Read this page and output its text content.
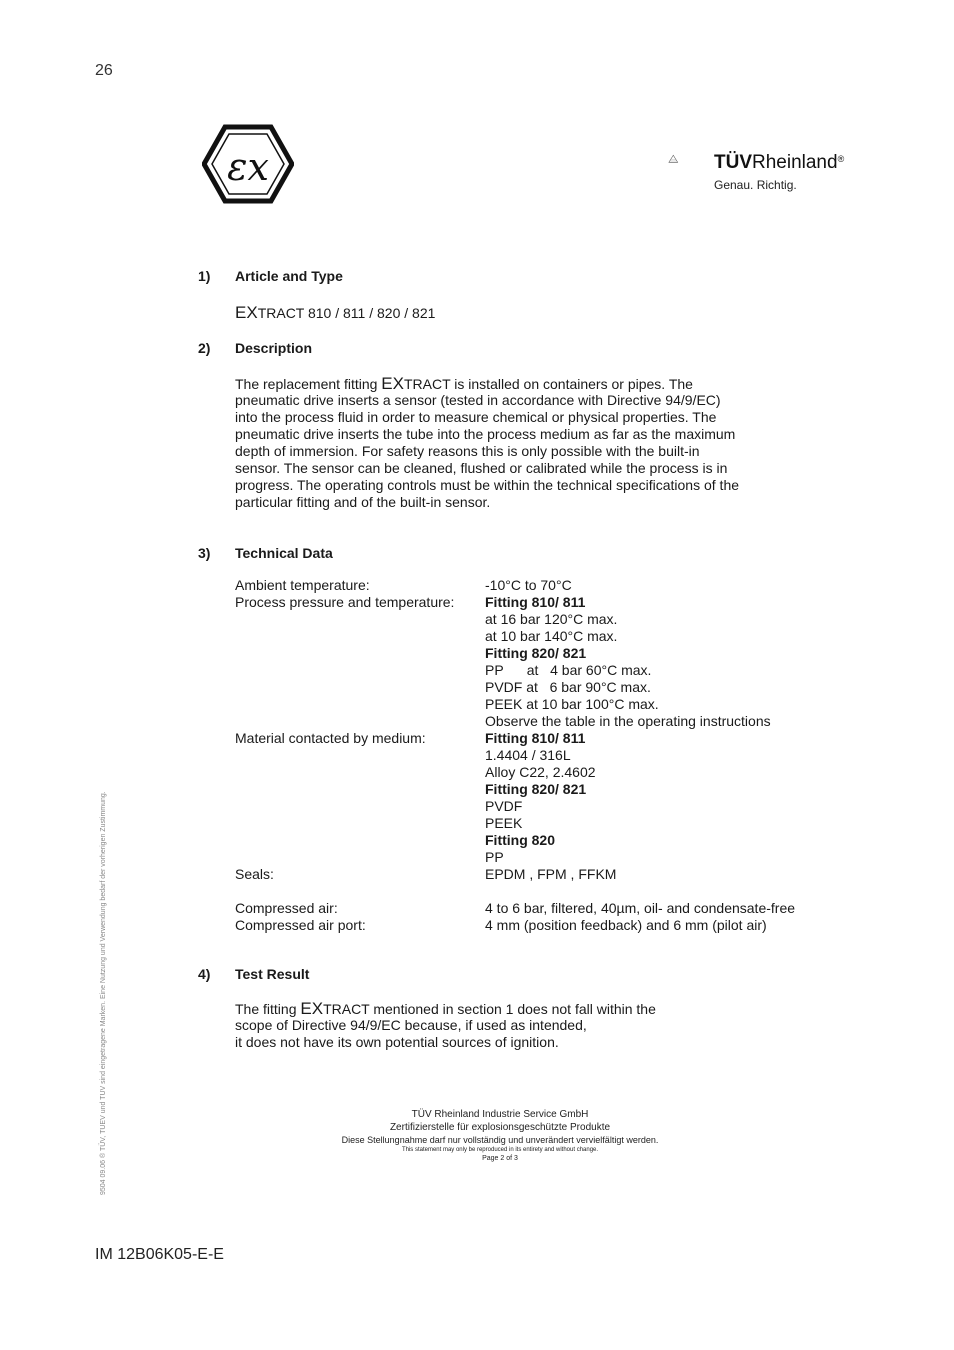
26
εx	TÜVRheinland®
Genau. Richtig.
1) Article and Type
EXTRACT 810 / 811 / 820 / 821
2) Description
The replacement fitting EXTRACT is installed on containers or pipes. The
pneumatic drive inserts a sensor (tested in accordance with Directive 94/9/EC)
into the process fluid in order to measure chemical or physical properties. The
pneumatic drive inserts the tube into the process medium as far as the maximum
depth of immersion. For safety reasons this is only possible with the built-in
sensor. The sensor can be cleaned, flushed or calibrated while the process is in
progress. The operating controls must be within the technical specifications of the
particular fitting and of the built-in sensor.
3) Technical Data
Ambient temperature:	-10°C to 70°C
Process pressure and temperature: Fitting 810/ 811
at 16 bar 120°C max.
at 10 bar 140°C max.
Fitting 820/ 821
PP      at   4 bar 60°C max.
PVDF at   6 bar 90°C max.
PEEK at 10 bar 100°C max.
Observe the table in the operating instructions
Material contacted by medium:	Fitting 810/ 811
1.4404 / 316L
Alloy C22, 2.4602
Fitting 820/ 821
PVDF
PEEK
Fitting 820
PP
Seals:	EPDM , FPM , FFKM
Compressed air:	4 to 6 bar, filtered, 40µm, oil- and condensate-free
Compressed air port:	4 mm (position feedback) and 6 mm (pilot air)
4) Test Result
The fitting EXTRACT mentioned in section 1 does not fall within the
scope of Directive 94/9/EC because, if used as intended,
it does not have its own potential sources of ignition.
TÜV Rheinland Industrie Service GmbH
Zertifizierstelle für explosionsgeschützte Produkte
Diese Stellungnahme darf nur vollständig und unverändert vervielfältigt werden.
This statement may only be reproduced in its entirety and without change.
Page 2 of 3
9504 09.06 ® TÜV, TUEV und TUV sind eingetragene Marken. Eine Nutzung und Verwendung bedarf der vorherigen Zustimmung.
IM 12B06K05-E-E
